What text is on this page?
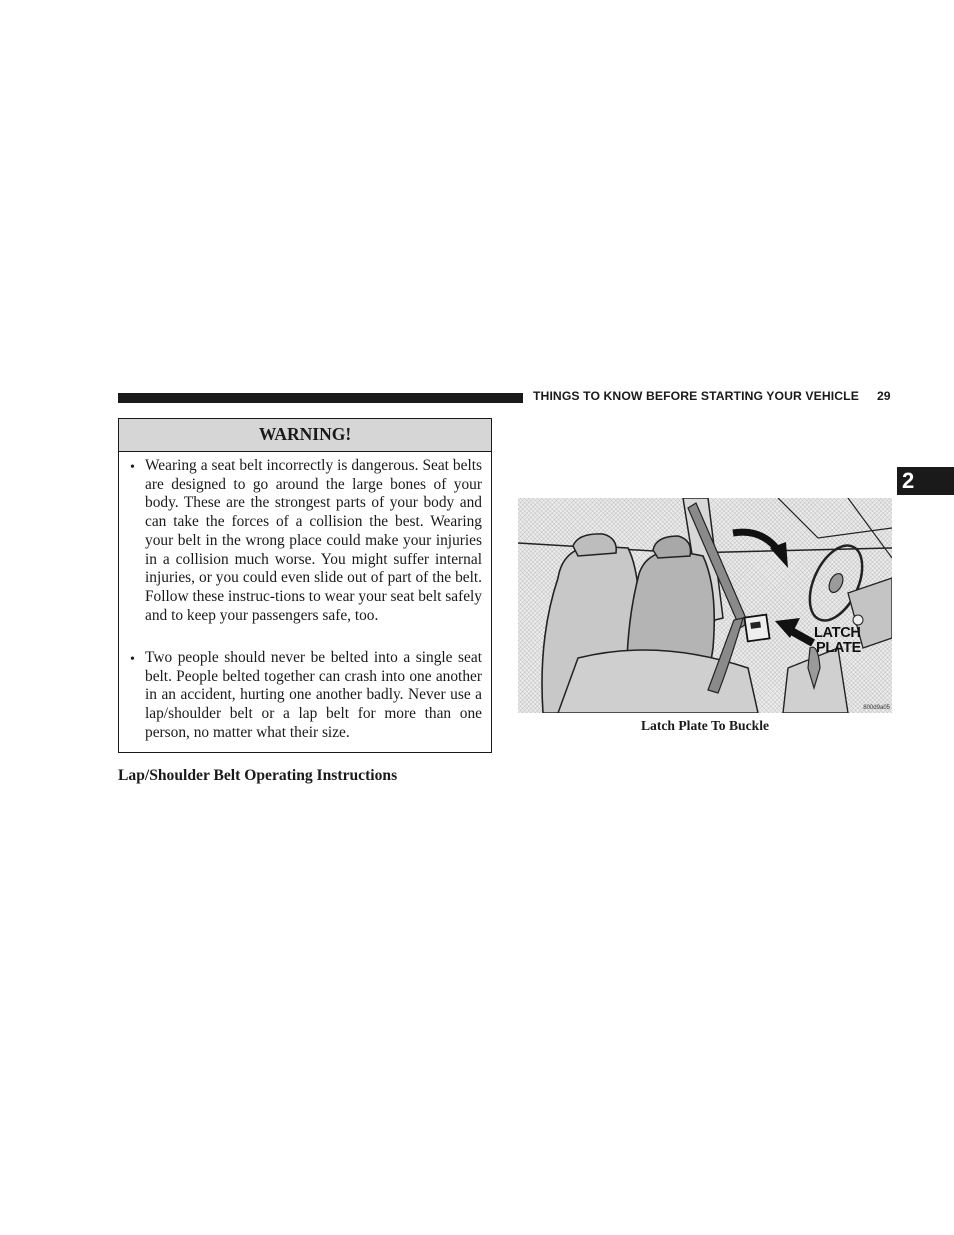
THINGS TO KNOW BEFORE STARTING YOUR VEHICLE 29
2
WARNING!
• Wearing a seat belt incorrectly is dangerous. Seat belts are designed to go around the large bones of your body. These are the strongest parts of your body and can take the forces of a collision the best. Wearing your belt in the wrong place could make your injuries in a collision much worse. You might suffer internal injuries, or you could even slide out of part of the belt. Follow these instruc-tions to wear your seat belt safely and to keep your passengers safe, too.
• Two people should never be belted into a single seat belt. People belted together can crash into one another in an accident, hurting one another badly. Never use a lap/shoulder belt or a lap belt for more than one person, no matter what their size.
Lap/Shoulder Belt Operating Instructions
LATCH
PLATE
800d9a05
Latch Plate To Buckle
